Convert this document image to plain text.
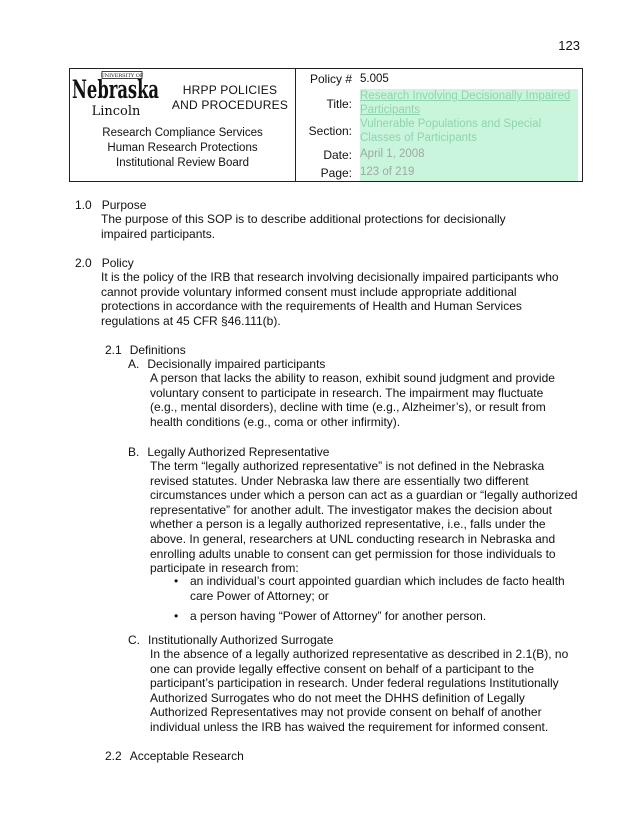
123
UNIVERSITY OF
Nebraska
Lincoln
HRPP POLICIES
AND PROCEDURES
Research Compliance Services
Human Research Protections
Institutional Review Board
Policy # 5.005
Title:
Research Involving Decisionally Impaired Participants
Section: Vulnerable Populations and Special Classes of Participants
Date: April 1, 2008
Page: 123 of 219
1.0 Purpose
The purpose of this SOP is to describe additional protections for decisionally impaired participants.
2.0 Policy
It is the policy of the IRB that research involving decisionally impaired participants who cannot provide voluntary informed consent must include appropriate additional protections in accordance with the requirements of Health and Human Services regulations at 45 CFR §46.111(b).
2.1 Definitions
A. Decisionally impaired participants
A person that lacks the ability to reason, exhibit sound judgment and provide voluntary consent to participate in research. The impairment may fluctuate (e.g., mental disorders), decline with time (e.g., Alzheimer’s), or result from health conditions (e.g., coma or other infirmity).
B. Legally Authorized Representative
The term “legally authorized representative” is not defined in the Nebraska revised statutes. Under Nebraska law there are essentially two different circumstances under which a person can act as a guardian or “legally authorized representative” for another adult. The investigator makes the decision about whether a person is a legally authorized representative, i.e., falls under the above. In general, researchers at UNL conducting research in Nebraska and enrolling adults unable to consent can get permission for those individuals to participate in research from:
• an individual’s court appointed guardian which includes de facto health care Power of Attorney; or
• a person having “Power of Attorney” for another person.
C. Institutionally Authorized Surrogate
In the absence of a legally authorized representative as described in 2.1(B), no one can provide legally effective consent on behalf of a participant to the participant’s participation in research. Under federal regulations Institutionally Authorized Surrogates who do not meet the DHHS definition of Legally Authorized Representatives may not provide consent on behalf of another individual unless the IRB has waived the requirement for informed consent.
2.2 Acceptable Research
